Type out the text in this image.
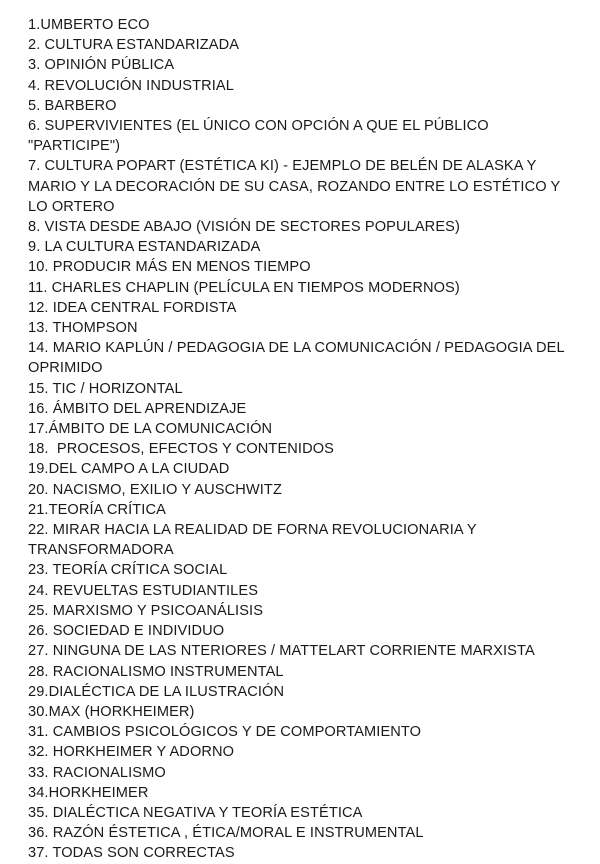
1.UMBERTO ECO
2. CULTURA ESTANDARIZADA
3. OPINIÓN PÚBLICA
4. REVOLUCIÓN INDUSTRIAL
5. BARBERO
6. SUPERVIVIENTES (EL ÚNICO CON OPCIÓN A QUE EL PÚBLICO "PARTICIPE")
7. CULTURA POPART (ESTÉTICA KI) - EJEMPLO DE BELÉN DE ALASKA Y MARIO Y LA DECORACIÓN DE SU CASA, ROZANDO ENTRE LO ESTÉTICO Y LO ORTERO
8. VISTA DESDE ABAJO (VISIÓN DE SECTORES POPULARES)
9. LA CULTURA ESTANDARIZADA
10. PRODUCIR MÁS EN MENOS TIEMPO
11. CHARLES CHAPLIN (PELÍCULA EN TIEMPOS MODERNOS)
12. IDEA CENTRAL FORDISTA
13. THOMPSON
14. MARIO KAPLÚN / PEDAGOGIA DE LA COMUNICACIÓN / PEDAGOGIA DEL OPRIMIDO
15. TIC / HORIZONTAL
16. ÁMBITO DEL APRENDIZAJE
17.ÁMBITO DE LA COMUNICACIÓN
18.  PROCESOS, EFECTOS Y CONTENIDOS
19.DEL CAMPO A LA CIUDAD
20. NACISMO, EXILIO Y AUSCHWITZ
21.TEORÍA CRÍTICA
22. MIRAR HACIA LA REALIDAD DE FORNA REVOLUCIONARIA Y TRANSFORMADORA
23. TEORÍA CRÍTICA SOCIAL
24. REVUELTAS ESTUDIANTILES
25. MARXISMO Y PSICOANÁLISIS
26. SOCIEDAD E INDIVIDUO
27. NINGUNA DE LAS NTERIORES / MATTELART CORRIENTE MARXISTA
28. RACIONALISMO INSTRUMENTAL
29.DIALÉCTICA DE LA ILUSTRACIÓN
30.MAX (HORKHEIMER)
31. CAMBIOS PSICOLÓGICOS Y DE COMPORTAMIENTO
32. HORKHEIMER Y ADORNO
33. RACIONALISMO
34.HORKHEIMER
35. DIALÉCTICA NEGATIVA Y TEORÍA ESTÉTICA
36. RAZÓN ÉSTETICA , ÉTICA/MORAL E INSTRUMENTAL
37. TODAS SON CORRECTAS
